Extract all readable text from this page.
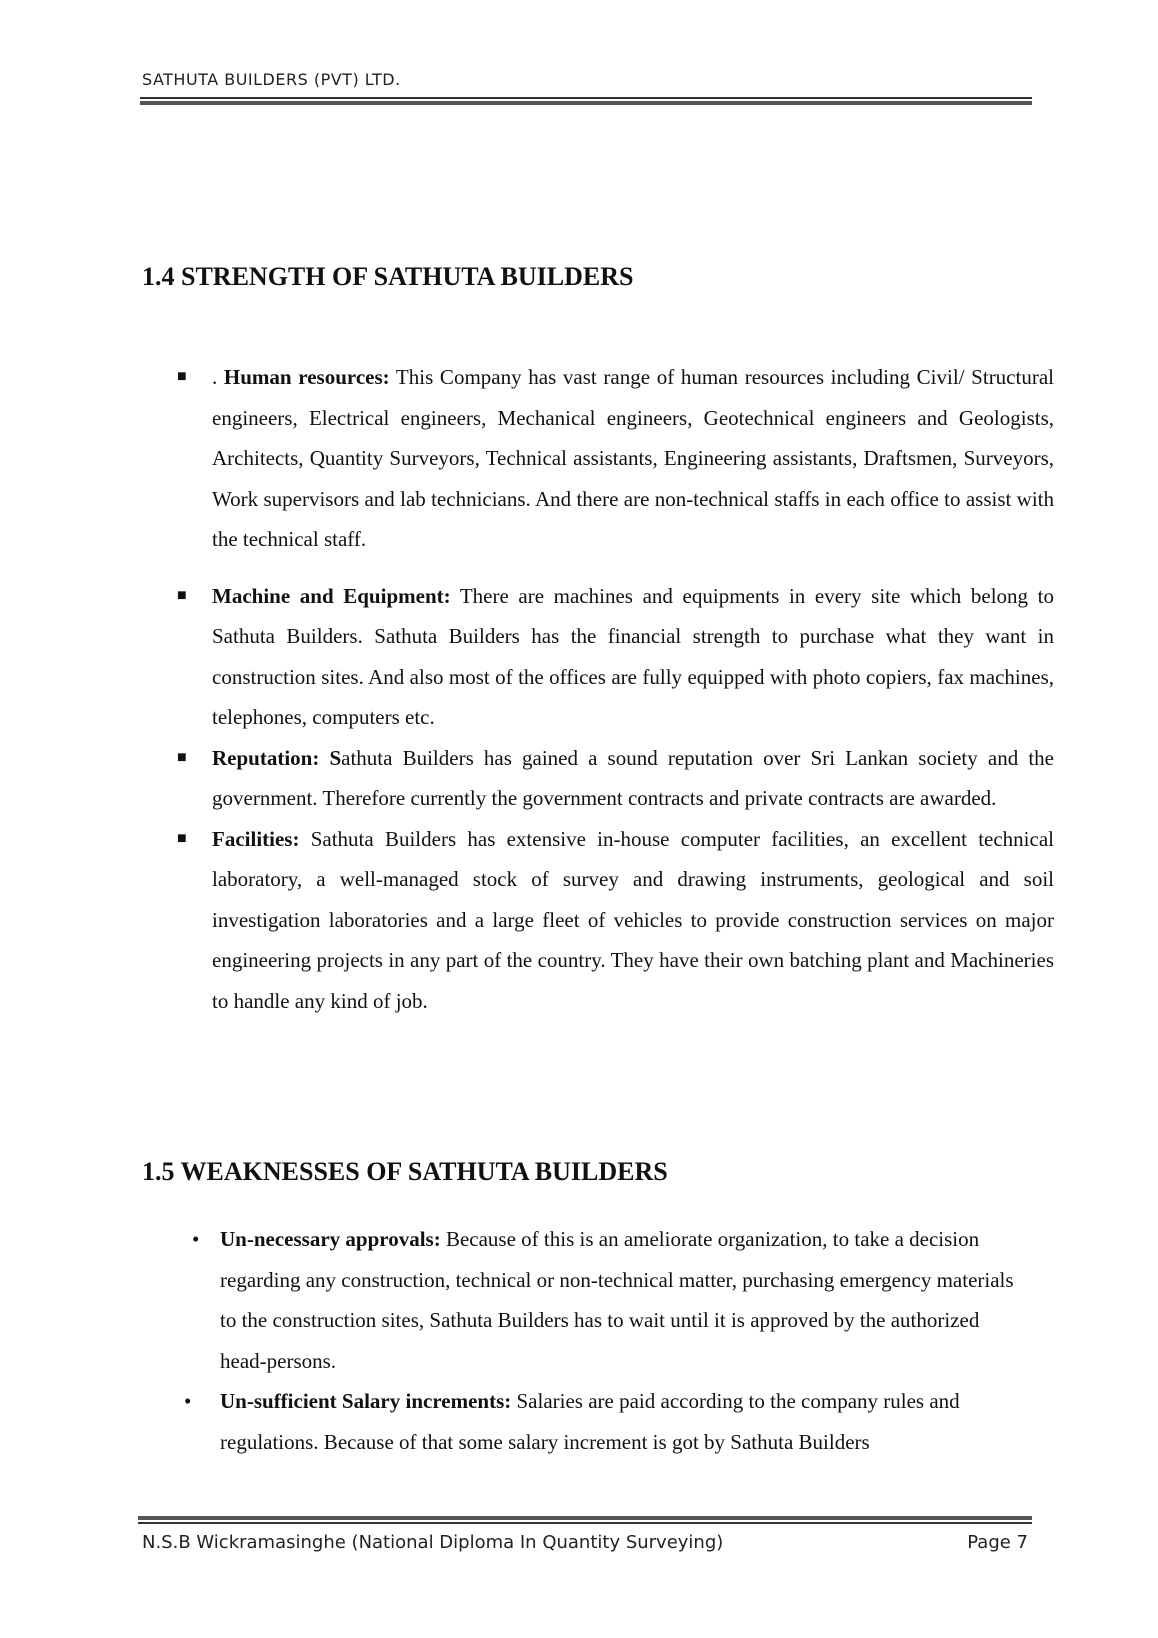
SATHUTA BUILDERS (PVT) LTD.
1.4 STRENGTH OF SATHUTA BUILDERS
■ . Human resources: This Company has vast range of human resources including Civil/ Structural engineers, Electrical engineers, Mechanical engineers, Geotechnical engineers and Geologists, Architects, Quantity Surveyors, Technical assistants, Engineering assistants, Draftsmen, Surveyors, Work supervisors and lab technicians. And there are non-technical staffs in each office to assist with the technical staff.
■ Machine and Equipment: There are machines and equipments in every site which belong to Sathuta Builders. Sathuta Builders has the financial strength to purchase what they want in construction sites. And also most of the offices are fully equipped with photo copiers, fax machines, telephones, computers etc.
■ Reputation: Sathuta Builders has gained a sound reputation over Sri Lankan society and the government. Therefore currently the government contracts and private contracts are awarded.
■ Facilities: Sathuta Builders has extensive in-house computer facilities, an excellent technical laboratory, a well-managed stock of survey and drawing instruments, geological and soil investigation laboratories and a large fleet of vehicles to provide construction services on major engineering projects in any part of the country. They have their own batching plant and Machineries to handle any kind of job.
1.5 WEAKNESSES OF SATHUTA BUILDERS
• Un-necessary approvals: Because of this is an ameliorate organization, to take a decision regarding any construction, technical or non-technical matter, purchasing emergency materials to the construction sites, Sathuta Builders has to wait until it is approved by the authorized head-persons.
• Un-sufficient Salary increments: Salaries are paid according to the company rules and regulations. Because of that some salary increment is got by Sathuta Builders
N.S.B Wickramasinghe (National Diploma In Quantity Surveying)	Page 7
